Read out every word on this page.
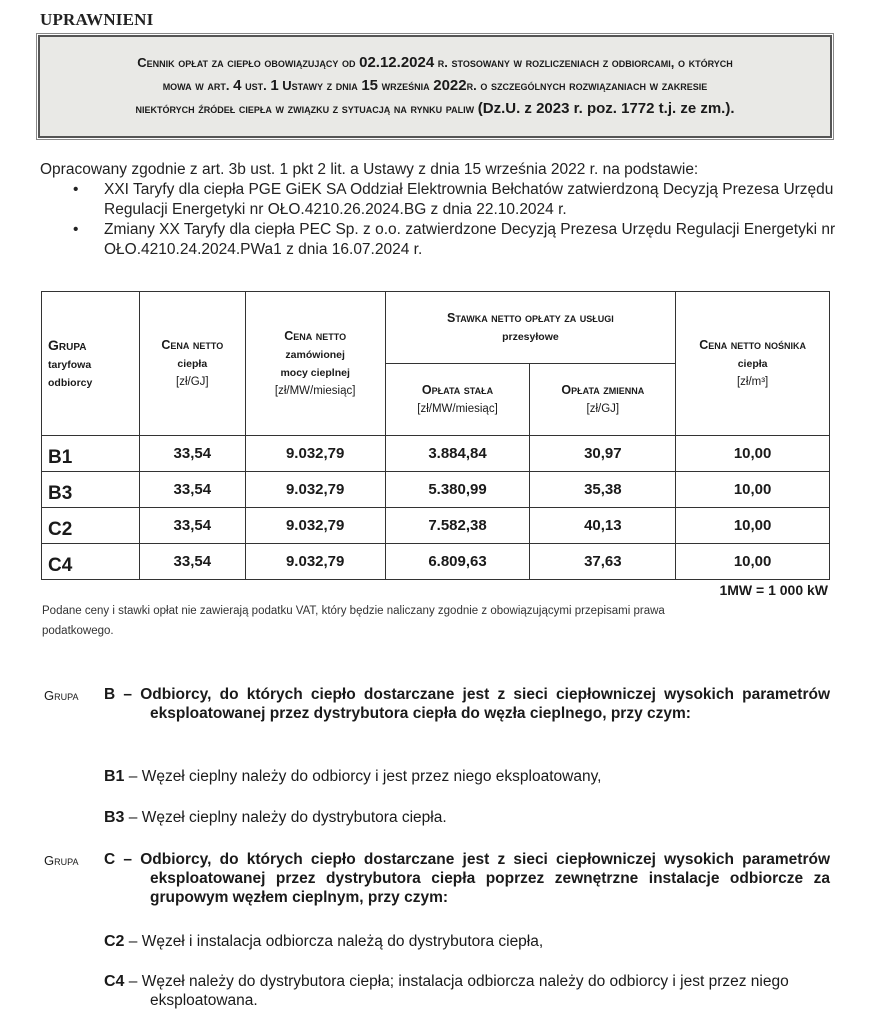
UPRAWNIENI
Cennik opłat za ciepło obowiązujący od 02.12.2024 r. stosowany w rozliczeniach z odbiorcami, o których
mowa w art. 4 ust. 1 Ustawy z dnia 15 września 2022r. o szczególnych rozwiązaniach w zakresie
niektórych źródeł ciepła w związku z sytuacją na rynku paliw (Dz.U. z 2023 r. poz. 1772 t.j. ze zm.).
Opracowany zgodnie z art. 3b ust. 1 pkt 2 lit. a Ustawy z dnia 15 września 2022 r. na podstawie:
• XXI Taryfy dla ciepła PGE GiEK SA Oddział Elektrownia Bełchatów zatwierdzoną Decyzją Prezesa Urzędu Regulacji Energetyki nr OŁO.4210.26.2024.BG z dnia 22.10.2024 r.
• Zmiany XX Taryfy dla ciepła PEC Sp. z o.o. zatwierdzone Decyzją Prezesa Urzędu Regulacji Energetyki nr OŁO.4210.24.2024.PWa1 z dnia 16.07.2024 r.
Grupa
taryfowa
odbiorcy	Cena netto
ciepła
[zł/GJ]	Cena netto
zamówionej
mocy cieplnej
[zł/MW/miesiąc]	Stawka netto opłaty za usługi
przesyłowe		Cena netto nośnika
ciepła
[zł/m³]
			Opłata stała
[zł/MW/miesiąc]	Opłata zmienna
[zł/GJ]	
B1	33,54	9.032,79	3.884,84	30,97	10,00
B3	33,54	9.032,79	5.380,99	35,38	10,00
C2	33,54	9.032,79	7.582,38	40,13	10,00
C4	33,54	9.032,79	6.809,63	37,63	10,00
1MW = 1 000 kW
Podane ceny i stawki opłat nie zawierają podatku VAT, który będzie naliczany zgodnie z obowiązującymi przepisami prawa podatkowego.
Grupa	B – Odbiorcy, do których ciepło dostarczane jest z sieci ciepłowniczej wysokich parametrów eksploatowanej przez dystrybutora ciepła do węzła cieplnego, przy czym:
B1 – Węzeł cieplny należy do odbiorcy i jest przez niego eksploatowany,
B3 – Węzeł cieplny należy do dystrybutora ciepła.
Grupa	C – Odbiorcy, do których ciepło dostarczane jest z sieci ciepłowniczej wysokich parametrów eksploatowanej przez dystrybutora ciepła poprzez zewnętrzne instalacje odbiorcze za grupowym węzłem cieplnym, przy czym:
C2 – Węzeł i instalacja odbiorcza należą do dystrybutora ciepła,
C4 – Węzeł należy do dystrybutora ciepła; instalacja odbiorcza należy do odbiorcy i jest przez niego eksploatowana.
